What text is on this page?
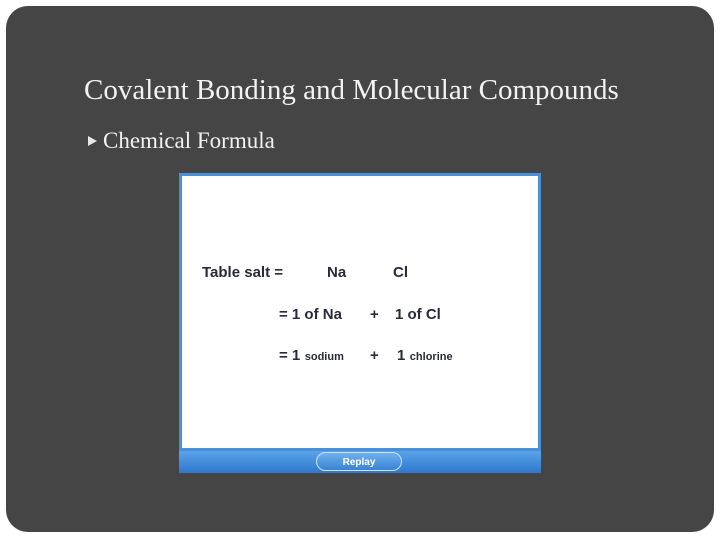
Covalent Bonding and Molecular Compounds
Chemical Formula
Table salt =	Na	Cl
= 1 of Na + 1 of Cl
= 1 sodium + 1 chlorine
Replay
